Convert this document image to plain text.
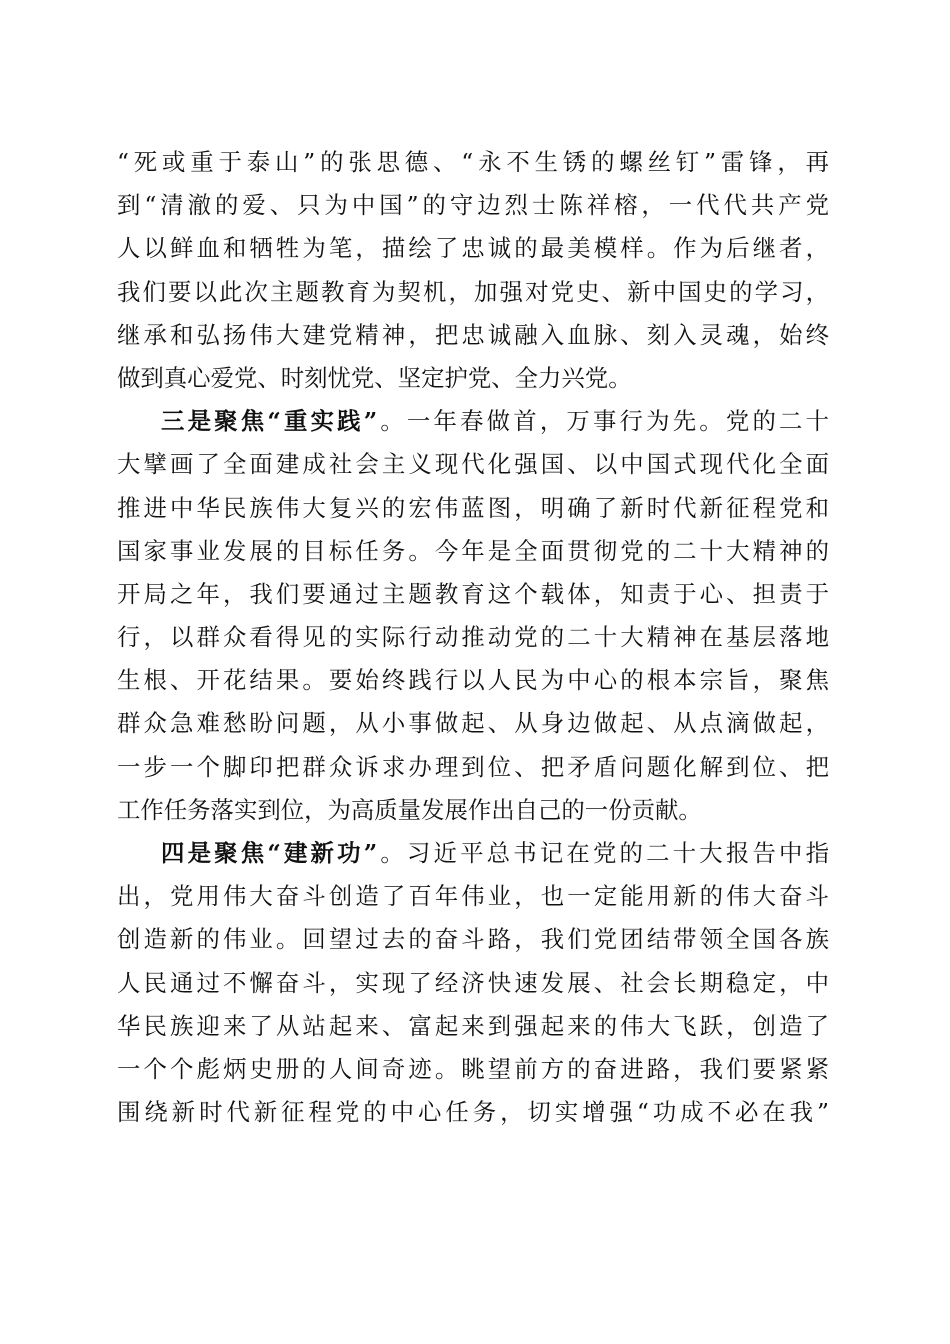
“死或重于泰山”的张思德、“永不生锈的螺丝钉”雷锋，再
到“清澈的爱、只为中国”的守边烈士陈祥榕，一代代共产党
人以鲜血和牺牲为笔，描绘了忠诚的最美模样。作为后继者，
我们要以此次主题教育为契机，加强对党史、新中国史的学习，
继承和弘扬伟大建党精神，把忠诚融入血脉、刻入灵魂，始终
做到真心爱党、时刻忧党、坚定护党、全力兴党。
三是聚焦“重实践”。一年春做首，万事行为先。党的二十
大擘画了全面建成社会主义现代化强国、以中国式现代化全面
推进中华民族伟大复兴的宏伟蓝图，明确了新时代新征程党和
国家事业发展的目标任务。今年是全面贯彻党的二十大精神的
开局之年，我们要通过主题教育这个载体，知责于心、担责于
行，以群众看得见的实际行动推动党的二十大精神在基层落地
生根、开花结果。要始终践行以人民为中心的根本宗旨，聚焦
群众急难愁盼问题，从小事做起、从身边做起、从点滴做起，
一步一个脚印把群众诉求办理到位、把矛盾问题化解到位、把
工作任务落实到位，为高质量发展作出自己的一份贡献。
四是聚焦“建新功”。习近平总书记在党的二十大报告中指
出，党用伟大奋斗创造了百年伟业，也一定能用新的伟大奋斗
创造新的伟业。回望过去的奋斗路，我们党团结带领全国各族
人民通过不懈奋斗，实现了经济快速发展、社会长期稳定，中
华民族迎来了从站起来、富起来到强起来的伟大飞跃，创造了
一个个彪炳史册的人间奇迹。眺望前方的奋进路，我们要紧紧
围绕新时代新征程党的中心任务，切实增强“功成不必在我”
